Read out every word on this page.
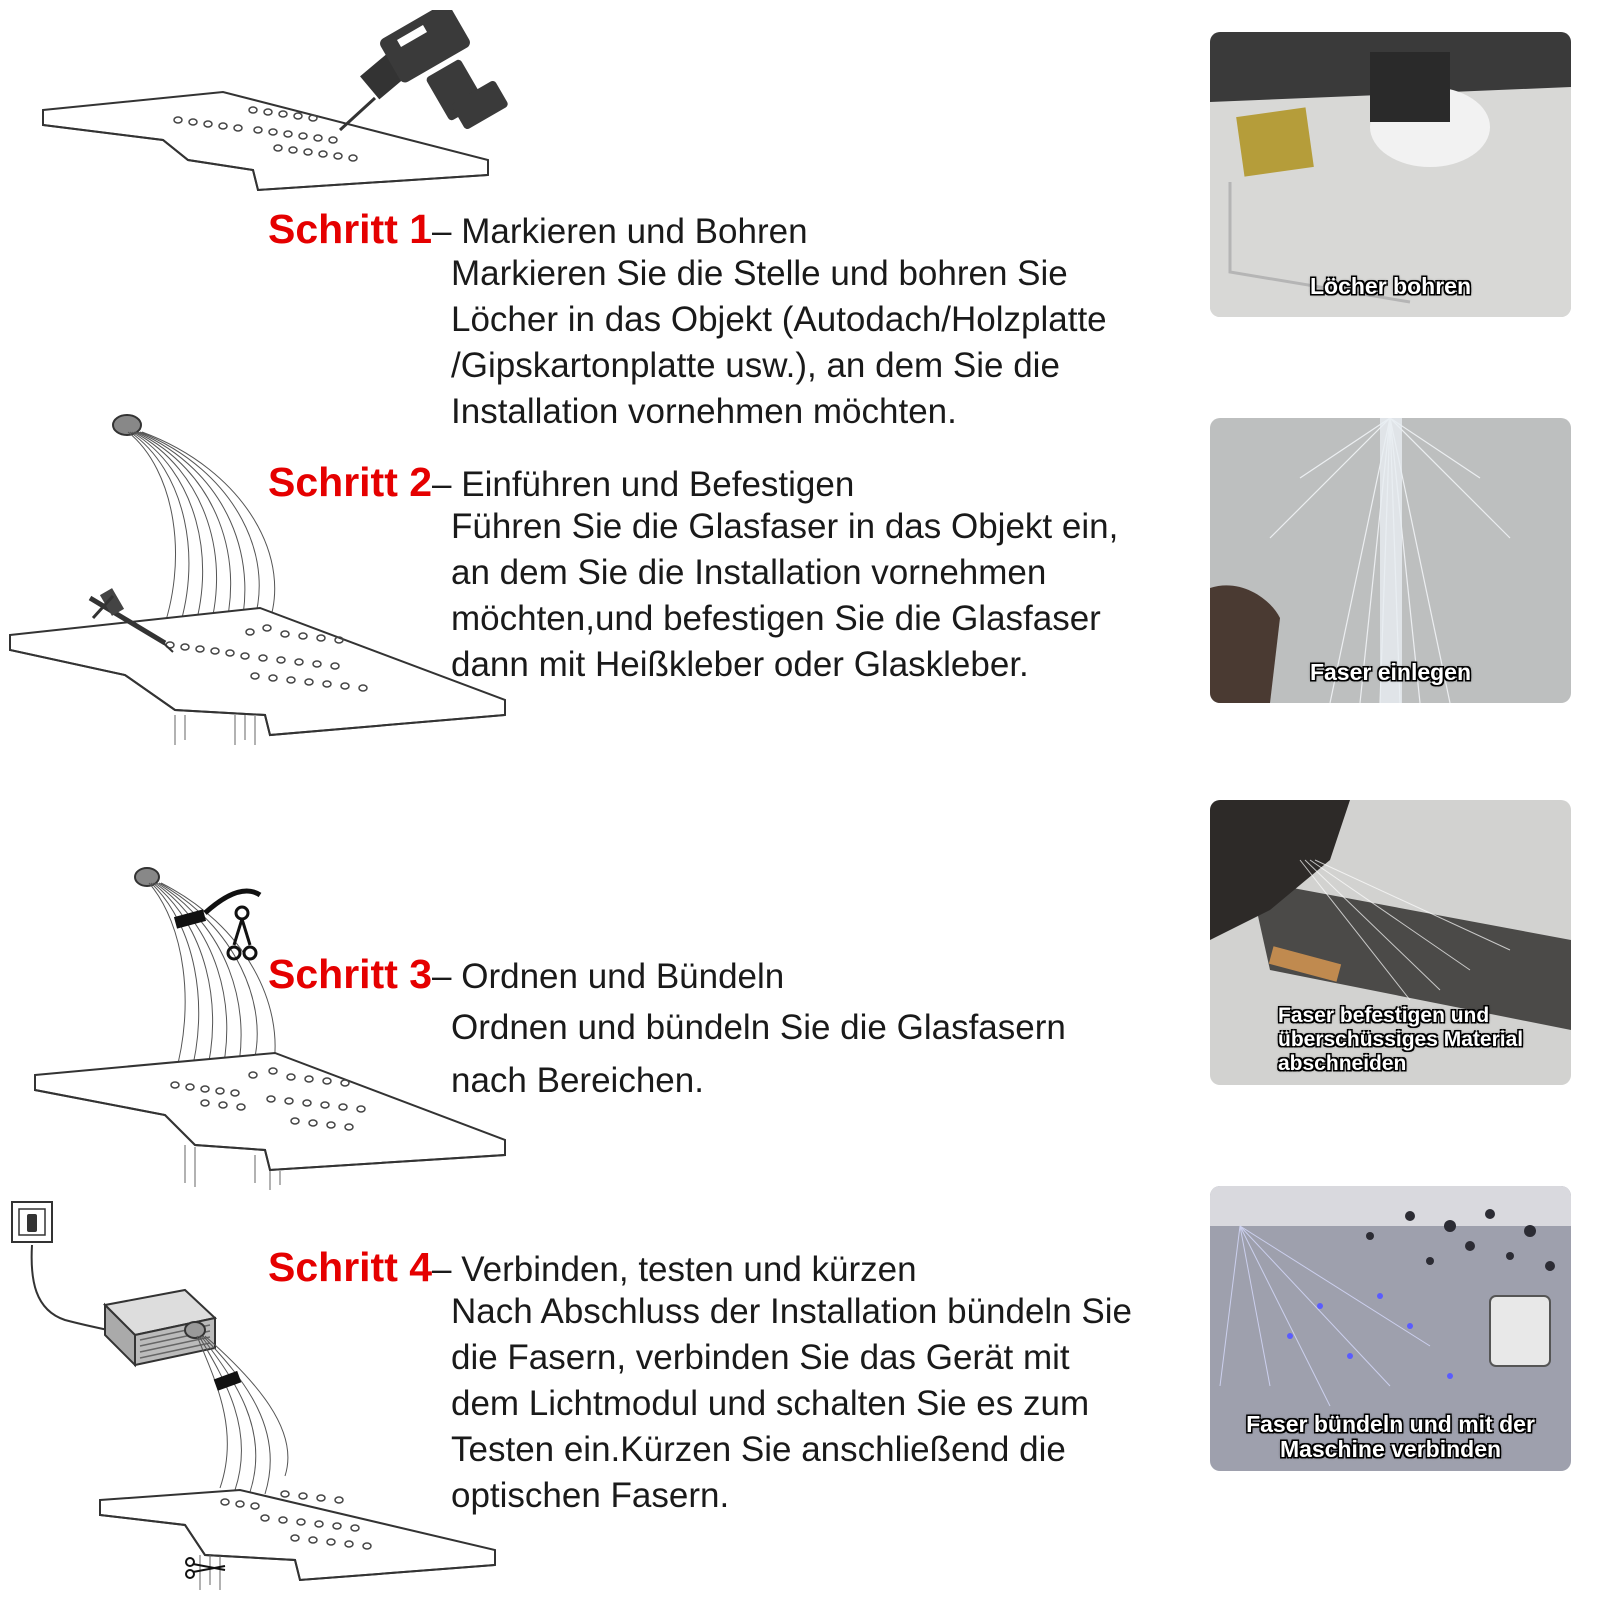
Schritt 1– Markieren und Bohren
Markieren Sie die Stelle und bohren Sie
Löcher in das Objekt (Autodach/Holzplatte
/Gipskartonplatte usw.), an dem Sie die
Installation vornehmen möchten.
Schritt 2– Einführen und Befestigen
Führen Sie die Glasfaser in das Objekt ein,
an dem Sie die Installation vornehmen
möchten,und befestigen Sie die Glasfaser
dann mit Heißkleber oder Glaskleber.
Schritt 3– Ordnen und Bündeln
Ordnen und bündeln Sie die Glasfasern
nach Bereichen.
Schritt 4– Verbinden, testen und kürzen
Nach Abschluss der Installation bündeln Sie
die Fasern, verbinden Sie das Gerät mit
dem Lichtmodul und schalten Sie es zum
Testen ein.Kürzen Sie anschließend die
optischen Fasern.
Löcher bohren
Faser einlegen
Faser befestigen und
überschüssiges Material
abschneiden
Faser bündeln und mit der
Maschine verbinden
